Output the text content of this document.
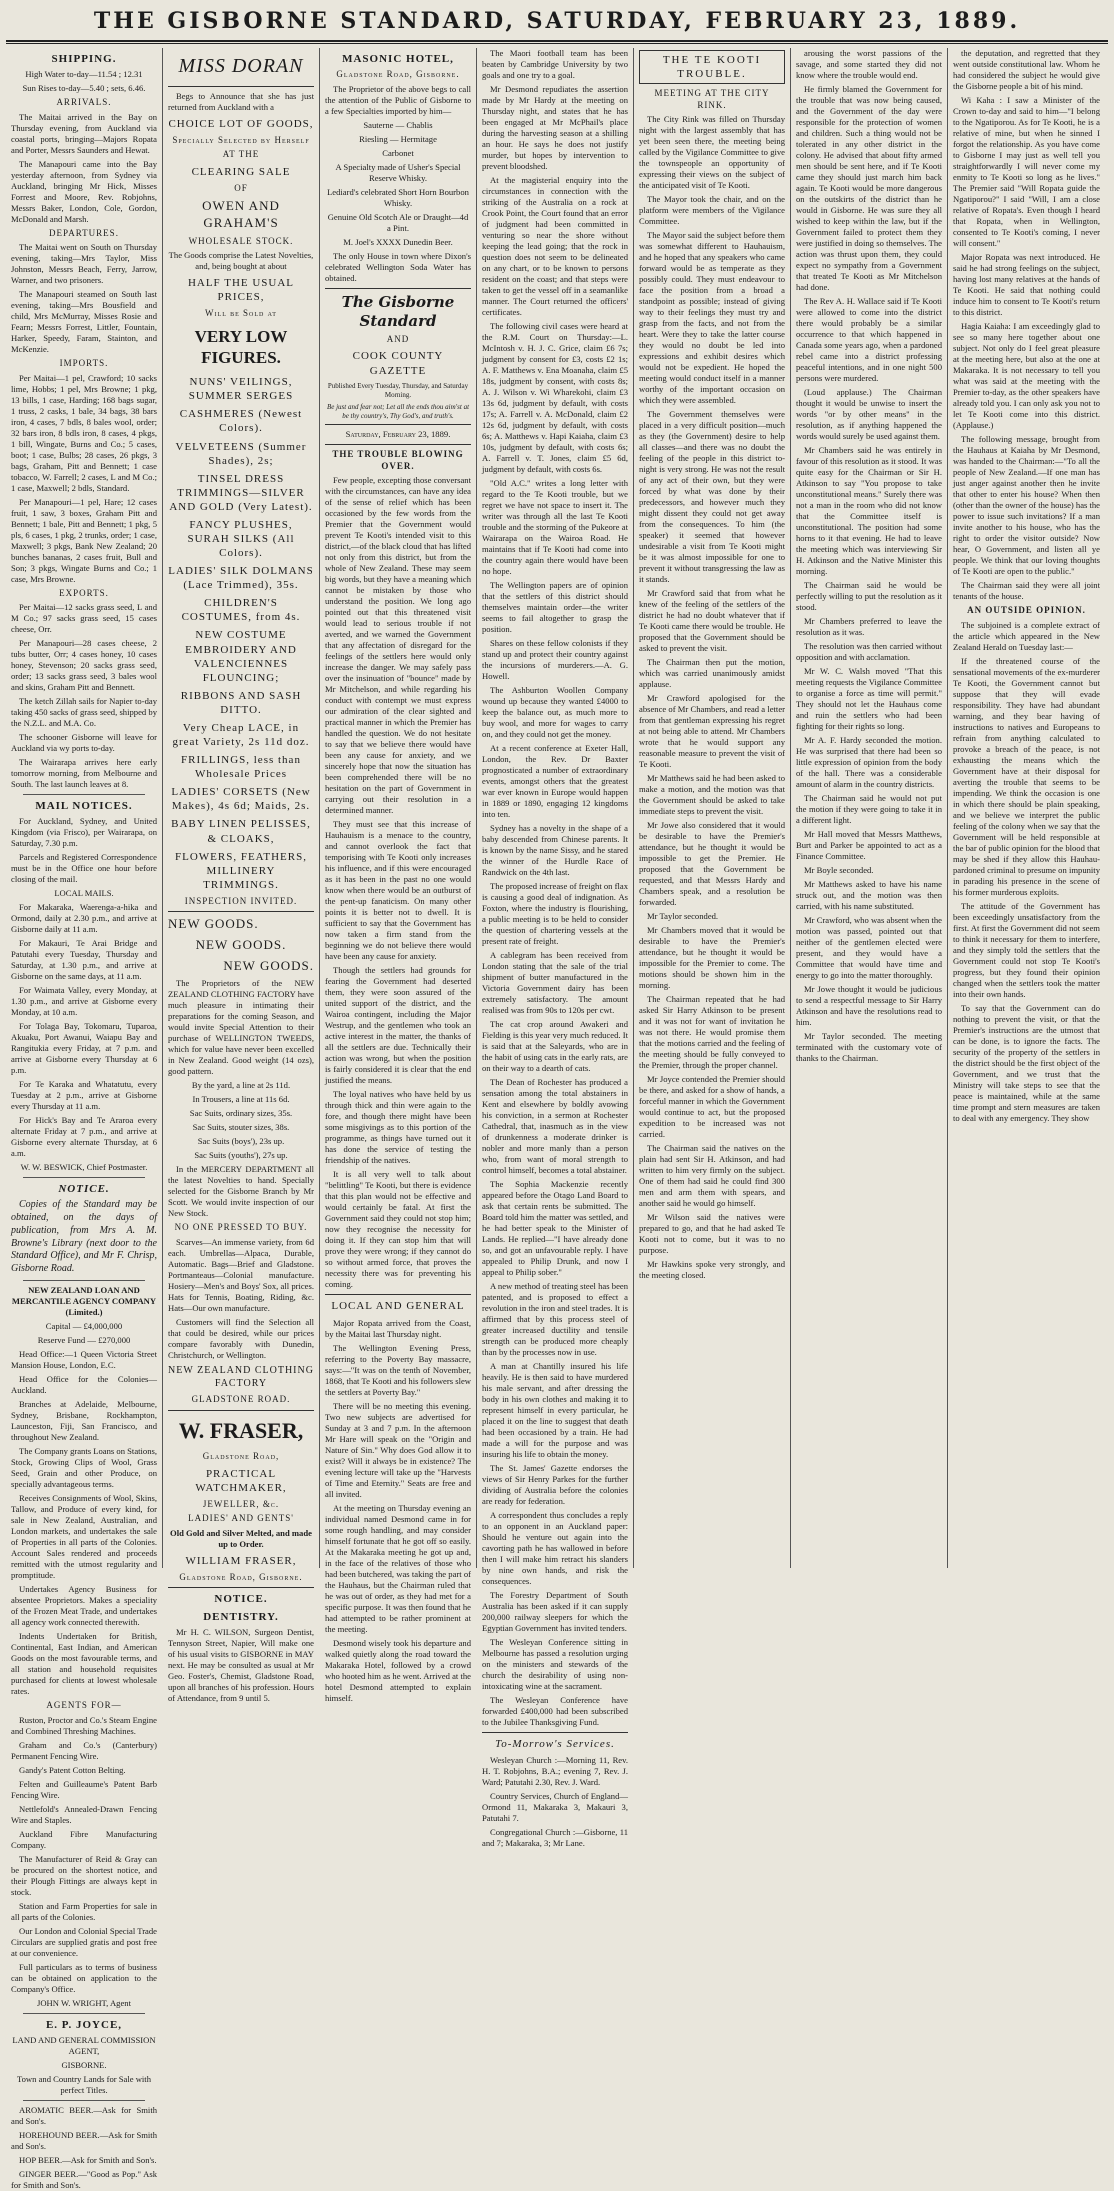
THE GISBORNE STANDARD, SATURDAY, FEBRUARY 23, 1889.
SHIPPING.

High Water to-day—11.54 ; 12.31

Sun Rises to-day—5.40 ; sets, 6.46.

ARRIVALS.

The Maitai arrived in the Bay on Thursday evening, from Auckland via coastal ports, bringing—Majors Ropata and Porter, Messrs Saunders and Hewat.

The Manapouri came into the Bay yesterday afternoon, from Sydney via Auckland, bringing Mr Hick, Misses Forrest and Moore, Rev. Robjohns, Messrs Baker, London, Cole, Gordon, McDonald and Marsh.

DEPARTURES.

The Maitai went on South on Thursday evening, taking—Mrs Taylor, Miss Johnston, Messrs Beach, Ferry, Jarrow, Warner, and two prisoners.

The Manapouri steamed on South last evening, taking—Mrs Bousfield and child, Mrs McMurray, Misses Rosie and Fearn; Messrs Forrest, Littler, Fountain, Harker, Speedy, Faram, Stainton, and McKenzie.

IMPORTS.

Per Maitai—1 pel, Crawford; 10 sacks lime, Hobbs; 1 pel, Mrs Browne; 1 pkg, 13 bills, 1 case, Harding; 168 bags sugar, 1 truss, 2 casks, 1 bale, 34 bags, 38 bars iron, 4 cases, 7 bdls, 8 bales wool, order; 32 bars iron, 8 bdls iron, 8 cases, 4 pkgs, 1 bill, Wingate, Burns and Co.; 5 cases, boot; 1 case, Bulbs; 28 cases, 26 pkgs, 3 bags, Graham, Pitt and Bennett; 1 case tobacco, W. Farrell; 2 cases, L and M Co.; 1 case, Maxwell; 2 bdls, Standard.

Per Manapouri—1 pel, Hare; 12 cases fruit, 1 saw, 3 boxes, Graham Pitt and Bennett; 1 bale, Pitt and Bennett; 1 pkg, 5 pls, 6 cases, 1 pkg, 2 trunks, order; 1 case, Maxwell; 3 pkgs, Bank New Zealand; 20 bunches bananas, 2 cases fruit, Bull and Son; 3 pkgs, Wingate Burns and Co.; 1 case, Mrs Browne.

EXPORTS.

Per Maitai—12 sacks grass seed, L and M Co.; 97 sacks grass seed, 15 cases cheese, Orr.

Per Manapouri—28 cases cheese, 2 tubs butter, Orr; 4 cases honey, 10 cases honey, Stevenson; 20 sacks grass seed, order; 13 sacks grass seed, 3 bales wool and skins, Graham Pitt and Bennett.

The ketch Zillah sails for Napier to-day taking 450 sacks of grass seed, shipped by the N.Z.L. and M.A. Co.

The schooner Gisborne will leave for Auckland via wy ports to-day.

The Wairarapa arrives here early tomorrow morning, from Melbourne and South. The last launch leaves at 8.

MAIL NOTICES.

For Auckland, Sydney, and United Kingdom (via Frisco), per Wairarapa, on Saturday, 7.30 p.m.

Parcels and Registered Correspondence must be in the Office one hour before closing of the mail.

LOCAL MAILS.

For Makaraka, Waerenga-a-hika and Ormond, daily at 2.30 p.m., and arrive at Gisborne daily at 11 a.m.

For Makauri, Te Arai Bridge and Patutahi every Tuesday, Thursday and Saturday, at 1.30 p.m., and arrive at Gisborne on the same days, at 11 a.m.

For Waimata Valley, every Monday, at 1.30 p.m., and arrive at Gisborne every Monday, at 10 a.m.

For Tolaga Bay, Tokomaru, Tuparoa, Akuaku, Port Awanui, Waiapu Bay and Rangitukia every Friday, at 7 p.m. and arrive at Gisborne every Thursday at 6 p.m.

For Te Karaka and Whatatutu, every Tuesday at 2 p.m., arrive at Gisborne every Thursday at 11 a.m.

For Hick's Bay and Te Araroa every alternate Friday at 7 p.m., and arrive at Gisborne every alternate Thursday, at 6 a.m.

W. W. BESWICK, Chief Postmaster.

NOTICE.

Copies of the Standard may be obtained, on the days of publication, from Mrs A. M. Browne's Library (next door to the Standard Office), and Mr F. Chrisp, Gisborne Road.

NEW ZEALAND LOAN AND MERCANTILE AGENCY COMPANY (Limited.)

Capital — £4,000,000

Reserve Fund — £270,000

Head Office:—1 Queen Victoria Street Mansion House, London, E.C.

Head Office for the Colonies—Auckland.

Branches at Adelaide, Melbourne, Sydney, Brisbane, Rockhampton, Launceston, Fiji, San Francisco, and throughout New Zealand.

The Company grants Loans on Stations, Stock, Growing Clips of Wool, Grass Seed, Grain and other Produce, on specially advantageous terms.

Receives Consignments of Wool, Skins, Tallow, and Produce of every kind, for sale in New Zealand, Australian, and London markets, and undertakes the sale of Properties in all parts of the Colonies. Account Sales rendered and proceeds remitted with the utmost regularity and promptitude.

Undertakes Agency Business for absentee Proprietors. Makes a speciality of the Frozen Meat Trade, and undertakes all agency work connected therewith.

Indents Undertaken for British, Continental, East Indian, and American Goods on the most favourable terms, and all station and household requisites purchased for clients at lowest wholesale rates.

AGENTS FOR—

Ruston, Proctor and Co.'s Steam Engine and Combined Threshing Machines.

Graham and Co.'s (Canterbury) Permanent Fencing Wire.

Gandy's Patent Cotton Belting.

Felten and Guilleaume's Patent Barb Fencing Wire.

Nettlefold's Annealed-Drawn Fencing Wire and Staples.

Auckland Fibre Manufacturing Company.

The Manufacturer of Reid & Gray can be procured on the shortest notice, and their Plough Fittings are always kept in stock.

Station and Farm Properties for sale in all parts of the Colonies.

Our London and Colonial Special Trade Circulars are supplied gratis and post free at our convenience.

Full particulars as to terms of business can be obtained on application to the Company's Office.

JOHN W. WRIGHT, Agent

E. P. JOYCE,

LAND AND GENERAL COMMISSION AGENT,

GISBORNE.

Town and Country Lands for Sale with perfect Titles.

AROMATIC BEER.—Ask for Smith and Son's.

HOREHOUND BEER.—Ask for Smith and Son's.

HOP BEER.—Ask for Smith and Son's.

GINGER BEER.—"Good as Pop." Ask for Smith and Son's.

MISS DORAN

Begs to Announce that she has just returned from Auckland with a

CHOICE LOT OF GOODS,
Specially Selected by Herself
AT THE
CLEARING SALE
OF
OWEN AND GRAHAM'S
WHOLESALE STOCK.

The Goods comprise the Latest Novelties, and, being bought at about

HALF THE USUAL PRICES,
Will be Sold at
VERY LOW FIGURES.
NUNS' VEILINGS, SUMMER SERGES
CASHMERES (Newest Colors).
VELVETEENS (Summer Shades), 2s;
TINSEL DRESS TRIMMINGS—SILVER AND GOLD (Very Latest).
FANCY PLUSHES, SURAH SILKS (All Colors).
LADIES' SILK DOLMANS (Lace Trimmed), 35s.
CHILDREN'S COSTUMES, from 4s.
NEW COSTUME EMBROIDERY AND VALENCIENNES FLOUNCING;
RIBBONS AND SASH DITTO.
Very Cheap LACE, in great Variety, 2s 11d doz.
FRILLINGS, less than Wholesale Prices
LADIES' CORSETS (New Makes), 4s 6d; Maids, 2s.
BABY LINEN PELISSES, & CLOAKS,
FLOWERS, FEATHERS, MILLINERY TRIMMINGS.
INSPECTION INVITED.
NEW GOODS.
NEW GOODS.
NEW GOODS.

The Proprietors of the NEW ZEALAND CLOTHING FACTORY have much pleasure in intimating their preparations for the coming Season, and would invite Special Attention to their purchase of WELLINGTON TWEEDS, which for value have never been excelled in New Zealand. Good weight (14 ozs), good pattern.

By the yard, a line at 2s 11d.

In Trousers, a line at 11s 6d.

Sac Suits, ordinary sizes, 35s.

Sac Suits, stouter sizes, 38s.

Sac Suits (boys'), 23s up.

Sac Suits (youths'), 27s up.

In the MERCERY DEPARTMENT all the latest Novelties to hand. Specially selected for the Gisborne Branch by Mr Scott. We would invite inspection of our New Stock.

NO ONE PRESSED TO BUY.

Scarves—An immense variety, from 6d each. Umbrellas—Alpaca, Durable, Automatic. Bags—Brief and Gladstone. Portmanteaus—Colonial manufacture. Hosiery—Men's and Boys' Sox, all prices. Hats for Tennis, Boating, Riding, &c. Hats—Our own manufacture.

Customers will find the Selection all that could be desired, while our prices compare favorably with Dunedin, Christchurch, or Wellington.

NEW ZEALAND CLOTHING FACTORY
GLADSTONE ROAD.
W. FRASER,
Gladstone Road,
PRACTICAL WATCHMAKER,
JEWELLER, &c.
LADIES' AND GENTS'

Old Gold and Silver Melted, and made up to Order.

WILLIAM FRASER,
Gladstone Road, Gisborne.
NOTICE.
DENTISTRY.

Mr H. C. WILSON, Surgeon Dentist, Tennyson Street, Napier, Will make one of his usual visits to GISBORNE in MAY next. He may be consulted as usual at Mr Geo. Foster's, Chemist, Gladstone Road, upon all branches of his profession. Hours of Attendance, from 9 until 5.

MASONIC HOTEL,
Gladstone Road, Gisborne.

The Proprietor of the above begs to call the attention of the Public of Gisborne to a few Specialties imported by him—

Sauterne — Chablis

Riesling — Hermitage

Carbonet

A Specialty made of Usher's Special Reserve Whisky.

Lediard's celebrated Short Horn Bourbon Whisky.

Genuine Old Scotch Ale or Draught—4d a Pint.

M. Joel's XXXX Dunedin Beer.

The only House in town where Dixon's celebrated Wellington Soda Water has obtained.

The Gisborne Standard
AND
COOK COUNTY GAZETTE

Published Every Tuesday, Thursday, and Saturday Morning.

Be just and fear not; Let all the ends thou aim'st at be thy country's, Thy God's, and truth's.

Saturday, February 23, 1889.

THE TROUBLE BLOWING OVER.

Few people, excepting those conversant with the circumstances, can have any idea of the sense of relief which has been occasioned by the few words from the Premier that the Government would prevent Te Kooti's intended visit to this district,—of the black cloud that has lifted not only from this district, but from the whole of New Zealand. These may seem big words, but they have a meaning which cannot be mistaken by those who understand the position. We long ago pointed out that this threatened visit would lead to serious trouble if not averted, and we warned the Government that any affectation of disregard for the feelings of the settlers here would only increase the danger. We may safely pass over the insinuation of "bounce" made by Mr Mitchelson, and while regarding his conduct with contempt we must express our admiration of the clear sighted and practical manner in which the Premier has handled the question. We do not hesitate to say that we believe there would have been any cause for anxiety, and we sincerely hope that now the situation has been comprehended there will be no hesitation on the part of Government in carrying out their resolution in a determined manner.

They must see that this increase of Hauhauism is a menace to the country, and cannot overlook the fact that temporising with Te Kooti only increases his influence, and if this were encouraged as it has been in the past no one would know when there would be an outburst of the pent-up fanaticism. On many other points it is better not to dwell. It is sufficient to say that the Government has now taken a firm stand from the beginning we do not believe there would have been any cause for anxiety.

Though the settlers had grounds for fearing the Government had deserted them, they were soon assured of the united support of the district, and the Wairoa contingent, including the Major Westrup, and the gentlemen who took an active interest in the matter, the thanks of all the settlers are due. Technically their action was wrong, but when the position is fairly considered it is clear that the end justified the means.

The loyal natives who have held by us through thick and thin were again to the fore, and though there might have been some misgivings as to this portion of the programme, as things have turned out it has done the service of testing the friendship of the natives.

It is all very well to talk about "belittling" Te Kooti, but there is evidence that this plan would not be effective and would certainly be fatal. At first the Government said they could not stop him; now they recognise the necessity for doing it. If they can stop him that will prove they were wrong; if they cannot do so without armed force, that proves the necessity there was for preventing his coming.

LOCAL AND GENERAL

Major Ropata arrived from the Coast, by the Maitai last Thursday night.

The Wellington Evening Press, referring to the Poverty Bay massacre, says:—"It was on the tenth of November, 1868, that Te Kooti and his followers slew the settlers at Poverty Bay."

There will be no meeting this evening. Two new subjects are advertised for Sunday at 3 and 7 p.m. In the afternoon Mr Hare will speak on the "Origin and Nature of Sin." Why does God allow it to exist? Will it always be in existence? The evening lecture will take up the "Harvests of Time and Eternity." Seats are free and all invited.

At the meeting on Thursday evening an individual named Desmond came in for some rough handling, and may consider himself fortunate that he got off so easily. At the Makaraka meeting he got up and, in the face of the relatives of those who had been butchered, was taking the part of the Hauhaus, but the Chairman ruled that he was out of order, as they had met for a specific purpose. It was then found that he had attempted to be rather prominent at the meeting.

Desmond wisely took his departure and walked quietly along the road toward the Makaraka Hotel, followed by a crowd who hooted him as he went. Arrived at the hotel Desmond attempted to explain himself.

The Maori football team has been beaten by Cambridge University by two goals and one try to a goal.

Mr Desmond repudiates the assertion made by Mr Hardy at the meeting on Thursday night, and states that he has been engaged at Mr McPhail's place during the harvesting season at a shilling an hour. He says he does not justify murder, but hopes by intervention to prevent bloodshed.

At the magisterial enquiry into the circumstances in connection with the striking of the Australia on a rock at Crook Point, the Court found that an error of judgment had been committed in venturing so near the shore without keeping the lead going; that the rock in question does not seem to be delineated on any chart, or to be known to persons resident on the coast; and that steps were taken to get the vessel off in a seamanlike manner. The Court returned the officers' certificates.

The following civil cases were heard at the R.M. Court on Thursday:—L. McIntosh v. H. J. C. Grice, claim £6 7s; judgment by consent for £3, costs £2 1s; A. F. Matthews v. Ena Moanaha, claim £5 18s, judgment by consent, with costs 8s; A. J. Wilson v. Wi Wharekohi, claim £3 13s 6d, judgment by default, with costs 17s; A. Farrell v. A. McDonald, claim £2 12s 6d, judgment by default, with costs 6s; A. Matthews v. Hapi Kaiaha, claim £3 10s, judgment by default, with costs 6s; A. Farrell v. T. Jones, claim £5 6d, judgment by default, with costs 6s.

"Old A.C." writes a long letter with regard to the Te Kooti trouble, but we regret we have not space to insert it. The writer was through all the last Te Kooti trouble and the storming of the Pukeore at Wairarapa on the Wairoa Road. He maintains that if Te Kooti had come into the country again there would have been no hope.

The Wellington papers are of opinion that the settlers of this district should themselves maintain order—the writer seems to fail altogether to grasp the position.

Shares on these fellow colonists if they stand up and protect their country against the incursions of murderers.—A. G. Howell.

The Ashburton Woollen Company wound up because they wanted £4000 to keep the balance out, as much more to buy wool, and more for wages to carry on, and they could not get the money.

At a recent conference at Exeter Hall, London, the Rev. Dr Baxter prognosticated a number of extraordinary events, amongst others that the greatest war ever known in Europe would happen in 1889 or 1890, engaging 12 kingdoms into ten.

Sydney has a novelty in the shape of a baby descended from Chinese parents. It is known by the name Sissy, and he stared the winner of the Hurdle Race of Randwick on the 4th last.

The proposed increase of freight on flax is causing a good deal of indignation. As Foxton, where the industry is flourishing, a public meeting is to be held to consider the question of chartering vessels at the present rate of freight.

A cablegram has been received from London stating that the sale of the trial shipment of butter manufactured in the Victoria Government dairy has been extremely satisfactory. The amount realised was from 90s to 120s per cwt.

The cat crop around Awakeri and Fielding is this year very much reduced. It is said that at the Saleyards, who are in the habit of using cats in the early rats, are on their way to a dearth of cats.

The Dean of Rochester has produced a sensation among the total abstainers in Kent and elsewhere by boldly avowing his conviction, in a sermon at Rochester Cathedral, that, inasmuch as in the view of drunkenness a moderate drinker is nobler and more manly than a person who, from want of moral strength to control himself, becomes a total abstainer.

The Sophia Mackenzie recently appeared before the Otago Land Board to ask that certain rents be submitted. The Board told him the matter was settled, and he had better speak to the Minister of Lands. He replied—"I have already done so, and got an unfavourable reply. I have appealed to Philip Drunk, and now I appeal to Philip sober."

A new method of treating steel has been patented, and is proposed to effect a revolution in the iron and steel trades. It is affirmed that by this process steel of greater increased ductility and tensile strength can be produced more cheaply than by the processes now in use.

A man at Chantilly insured his life heavily. He is then said to have murdered his male servant, and after dressing the body in his own clothes and making it to represent himself in every particular, he placed it on the line to suggest that death had been occasioned by a train. He had made a will for the purpose and was insuring his life to obtain the money.

The St. James' Gazette endorses the views of Sir Henry Parkes for the further dividing of Australia before the colonies are ready for federation.

A correspondent thus concludes a reply to an opponent in an Auckland paper: Should he venture out again into the cavorting path he has wallowed in before then I will make him retract his slanders by nine own hands, and risk the consequences.

The Forestry Department of South Australia has been asked if it can supply 200,000 railway sleepers for which the Egyptian Government has invited tenders.

The Wesleyan Conference sitting in Melbourne has passed a resolution urging on the ministers and stewards of the church the desirability of using non-intoxicating wine at the sacrament.

The Wesleyan Conference have forwarded £400,000 had been subscribed to the Jubilee Thanksgiving Fund.

To-Morrow's Services.

Wesleyan Church :—Morning 11, Rev. H. T. Robjohns, B.A.; evening 7, Rev. J. Ward; Patutahi 2.30, Rev. J. Ward.

Country Services, Church of England—Ormond 11, Makaraka 3, Makauri 3, Patutahi 7.

Congregational Church :—Gisborne, 11 and 7; Makaraka, 3; Mr Lane.

THE TE KOOTI TROUBLE.
MEETING AT THE CITY RINK.

The City Rink was filled on Thursday night with the largest assembly that has yet been seen there, the meeting being called by the Vigilance Committee to give the townspeople an opportunity of expressing their views on the subject of the anticipated visit of Te Kooti.

The Mayor took the chair, and on the platform were members of the Vigilance Committee.

The Mayor said the subject before them was somewhat different to Hauhauism, and he hoped that any speakers who came forward would be as temperate as they possibly could. They must endeavour to face the position from a broad a standpoint as possible; instead of giving way to their feelings they must try and grasp from the facts, and not from the heart. Were they to take the latter course they would no doubt be led into expressions and exhibit desires which would not be expedient. He hoped the meeting would conduct itself in a manner worthy of the important occasion on which they were assembled.

The Government themselves were placed in a very difficult position—much as they (the Government) desire to help all classes—and there was no doubt the feeling of the people in this district to-night is very strong. He was not the result of any act of their own, but they were forced by what was done by their predecessors, and however much they might dissent they could not get away from the consequences. To him (the speaker) it seemed that however undesirable a visit from Te Kooti might be it was almost impossible for one to prevent it without transgressing the law as it stands.

Mr Crawford said that from what he knew of the feeling of the settlers of the district he had no doubt whatever that if Te Kooti came there would be trouble. He proposed that the Government should be asked to prevent the visit.

The Chairman then put the motion, which was carried unanimously amidst applause.

Mr Crawford apologised for the absence of Mr Chambers, and read a letter from that gentleman expressing his regret at not being able to attend. Mr Chambers wrote that he would support any reasonable measure to prevent the visit of Te Kooti.

Mr Matthews said he had been asked to make a motion, and the motion was that the Government should be asked to take immediate steps to prevent the visit.

Mr Jowe also considered that it would be desirable to have the Premier's attendance, but he thought it would be impossible to get the Premier. He proposed that the Government be requested, and that Messrs Hardy and Chambers speak, and a resolution be forwarded.

Mr Taylor seconded.

Mr Chambers moved that it would be desirable to have the Premier's attendance, but he thought it would be impossible for the Premier to come. The motions should be shown him in the morning.

The Chairman repeated that he had asked Sir Harry Atkinson to be present and it was not for want of invitation he was not there. He would promise them that the motions carried and the feeling of the meeting should be fully conveyed to the Premier, through the proper channel.

Mr Joyce contended the Premier should be there, and asked for a show of hands, a forceful manner in which the Government would continue to act, but the proposed expedition to be increased was not carried.

The Chairman said the natives on the plain had sent Sir H. Atkinson, and had written to him very firmly on the subject. One of them had said he could find 300 men and arm them with spears, and another said he would go himself.

Mr Wilson said the natives were prepared to go, and that he had asked Te Kooti not to come, but it was to no purpose.

Mr Hawkins spoke very strongly, and the meeting closed.

arousing the worst passions of the savage, and some started they did not know where the trouble would end.

He firmly blamed the Government for the trouble that was now being caused, and the Government of the day were responsible for the protection of women and children. Such a thing would not be tolerated in any other district in the colony. He advised that about fifty armed men should be sent here, and if Te Kooti came they should just march him back again. Te Kooti would be more dangerous on the outskirts of the district than he would in Gisborne. He was sure they all wished to keep within the law, but if the Government failed to protect them they were justified in doing so themselves. The action was thrust upon them, they could expect no sympathy from a Government that treated Te Kooti as Mr Mitchelson had done.

The Rev A. H. Wallace said if Te Kooti were allowed to come into the district there would probably be a similar occurrence to that which happened in Canada some years ago, when a pardoned rebel came into a district professing peaceful intentions, and in one night 500 persons were murdered.

(Loud applause.) The Chairman thought it would be unwise to insert the words "or by other means" in the resolution, as if anything happened the words would surely be used against them.

Mr Chambers said he was entirely in favour of this resolution as it stood. It was quite easy for the Chairman or Sir H. Atkinson to say "You propose to take unconstitutional means." Surely there was not a man in the room who did not know that the Committee itself is unconstitutional. The position had some horns to it that evening. He had to leave the meeting which was interviewing Sir H. Atkinson and the Native Minister this morning.

The Chairman said he would be perfectly willing to put the resolution as it stood.

Mr Chambers preferred to leave the resolution as it was.

The resolution was then carried without opposition and with acclamation.

Mr W. C. Walsh moved "That this meeting requests the Vigilance Committee to organise a force as time will permit." They should not let the Hauhaus come and ruin the settlers who had been fighting for their rights so long.

Mr A. F. Hardy seconded the motion. He was surprised that there had been so little expression of opinion from the body of the hall. There was a considerable amount of alarm in the country districts.

The Chairman said he would not put the motion if they were going to take it in a different light.

Mr Hall moved that Messrs Matthews, Burt and Parker be appointed to act as a Finance Committee.

Mr Boyle seconded.

Mr Matthews asked to have his name struck out, and the motion was then carried, with his name substituted.

Mr Crawford, who was absent when the motion was passed, pointed out that neither of the gentlemen elected were present, and they would have a Committee that would have time and energy to go into the matter thoroughly.

Mr Jowe thought it would be judicious to send a respectful message to Sir Harry Atkinson and have the resolutions read to him.

Mr Taylor seconded. The meeting terminated with the customary vote of thanks to the Chairman.

the deputation, and regretted that they went outside constitutional law. Whom he had considered the subject he would give the Gisborne people a bit of his mind.

Wi Kaha : I saw a Minister of the Crown to-day and said to him—"I belong to the Ngatiporou. As for Te Kooti, he is a relative of mine, but when he sinned I forgot the relationship. As you have come to Gisborne I may just as well tell you straightforwardly I will never come my enmity to Te Kooti so long as he lives." The Premier said "Will Ropata guide the Ngatiporou?" I said "Will, I am a close relative of Ropata's. Even though I heard that Ropata, when in Wellington, consented to Te Kooti's coming, I never will consent."

Major Ropata was next introduced. He said he had strong feelings on the subject, having lost many relatives at the hands of Te Kooti. He said that nothing could induce him to consent to Te Kooti's return to this district.

Hagia Kaiaha: I am exceedingly glad to see so many here together about one subject. Not only do I feel great pleasure at the meeting here, but also at the one at Makaraka. It is not necessary to tell you what was said at the meeting with the Premier to-day, as the other speakers have already told you. I can only ask you not to let Te Kooti come into this district. (Applause.)

The following message, brought from the Hauhaus at Kaiaha by Mr Desmond, was handed to the Chairman:—"To all the people of New Zealand.—If one man has just anger against another then he invite that other to enter his house? When then (other than the owner of the house) has the power to issue such invitations? If a man invite another to his house, who has the right to order the visitor outside? Now hear, O Government, and listen all ye people. We think that our loving thoughts of Te Kooti are open to the public."

The Chairman said they were all joint tenants of the house.

AN OUTSIDE OPINION.

The subjoined is a complete extract of the article which appeared in the New Zealand Herald on Tuesday last:—

If the threatened course of the sensational movements of the ex-murderer Te Kooti, the Government cannot but suppose that they will evade responsibility. They have had abundant warning, and they bear having of instructions to natives and Europeans to refrain from anything calculated to provoke a breach of the peace, is not exhausting the means which the Government have at their disposal for averting the trouble that seems to be impending. We think the occasion is one in which there should be plain speaking, and we believe we interpret the public feeling of the colony when we say that the Government will be held responsible at the bar of public opinion for the blood that may be shed if they allow this Hauhau-pardoned criminal to presume on impunity in parading his presence in the scene of his former murderous exploits.

The attitude of the Government has been exceedingly unsatisfactory from the first. At first the Government did not seem to think it necessary for them to interfere, and they simply told the settlers that the Government could not stop Te Kooti's progress, but they found their opinion changed when the settlers took the matter into their own hands.

To say that the Government can do nothing to prevent the visit, or that the Premier's instructions are the utmost that can be done, is to ignore the facts. The security of the property of the settlers in the district should be the first object of the Government, and we trust that the Ministry will take steps to see that the peace is maintained, while at the same time prompt and stern measures are taken to deal with any emergency. They show
